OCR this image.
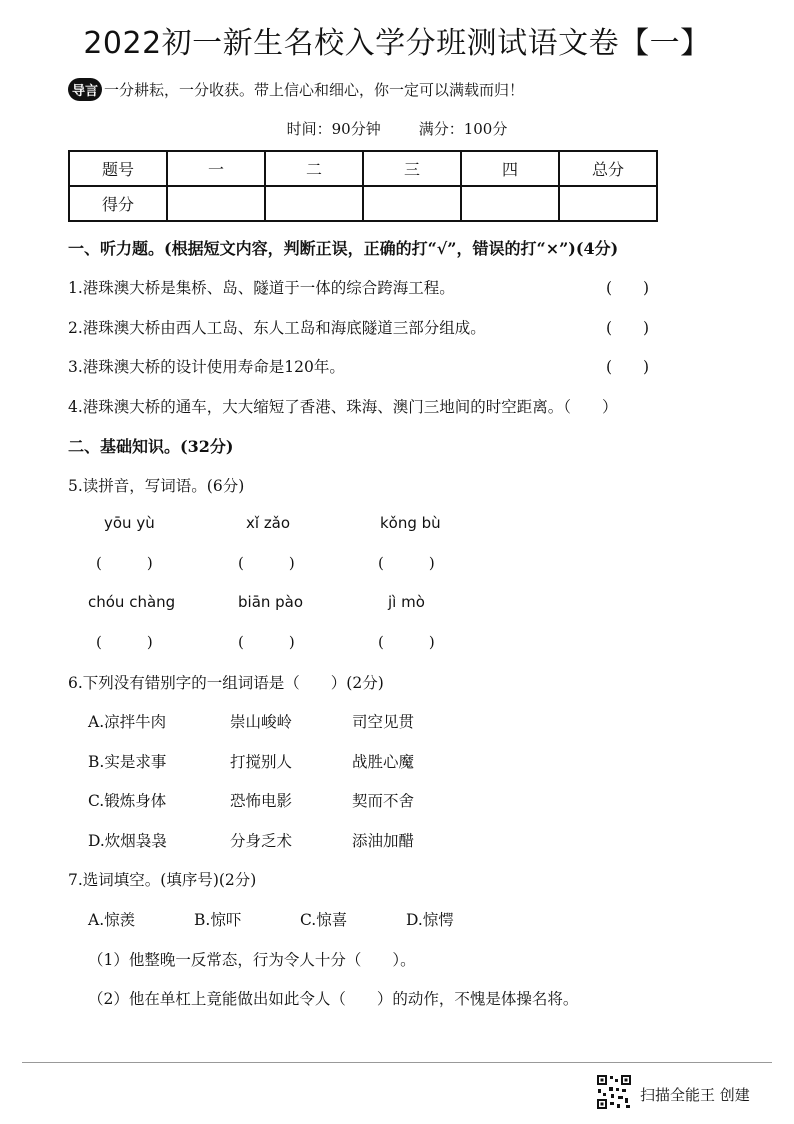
2022初一新生名校入学分班测试语文卷【一】
导言 一分耕耘，一分收获。带上信心和细心，你一定可以满载而归！
时间：90分钟	满分：100分
题号	一	二	三	四	总分
得分					
一、听力题。(根据短文内容，判断正误，正确的打“√”，错误的打“×”)(4分)
1.港珠澳大桥是集桥、岛、隧道于一体的综合跨海工程。	(　　)
2.港珠澳大桥由西人工岛、东人工岛和海底隧道三部分组成。	(　　)
3.港珠澳大桥的设计使用寿命是120年。	(　　)
4.港珠澳大桥的通车，大大缩短了香港、珠海、澳门三地间的时空距离。（　　）
二、基础知识。(32分)
5.读拼音，写词语。(6分)
yōu yù	xǐ zǎo	kǒng bù
(　　　)	(　　　)	(　　　)
chóu chàng	biān pào	jì mò
(　　　)	(　　　)	(　　　)
6.下列没有错别字的一组词语是（　　）(2分)
A.凉拌牛肉	崇山峻岭	司空见贯
B.实是求事	打搅别人	战胜心魔
C.锻炼身体	恐怖电影	契而不舍
D.炊烟袅袅	分身乏术	添油加醋
7.选词填空。(填序号)(2分)
A.惊羡	B.惊吓	C.惊喜	D.惊愕
（1）他整晚一反常态，行为令人十分（　　）。
（2）他在单杠上竟能做出如此令人（　　）的动作，不愧是体操名将。
扫描全能王 创建
